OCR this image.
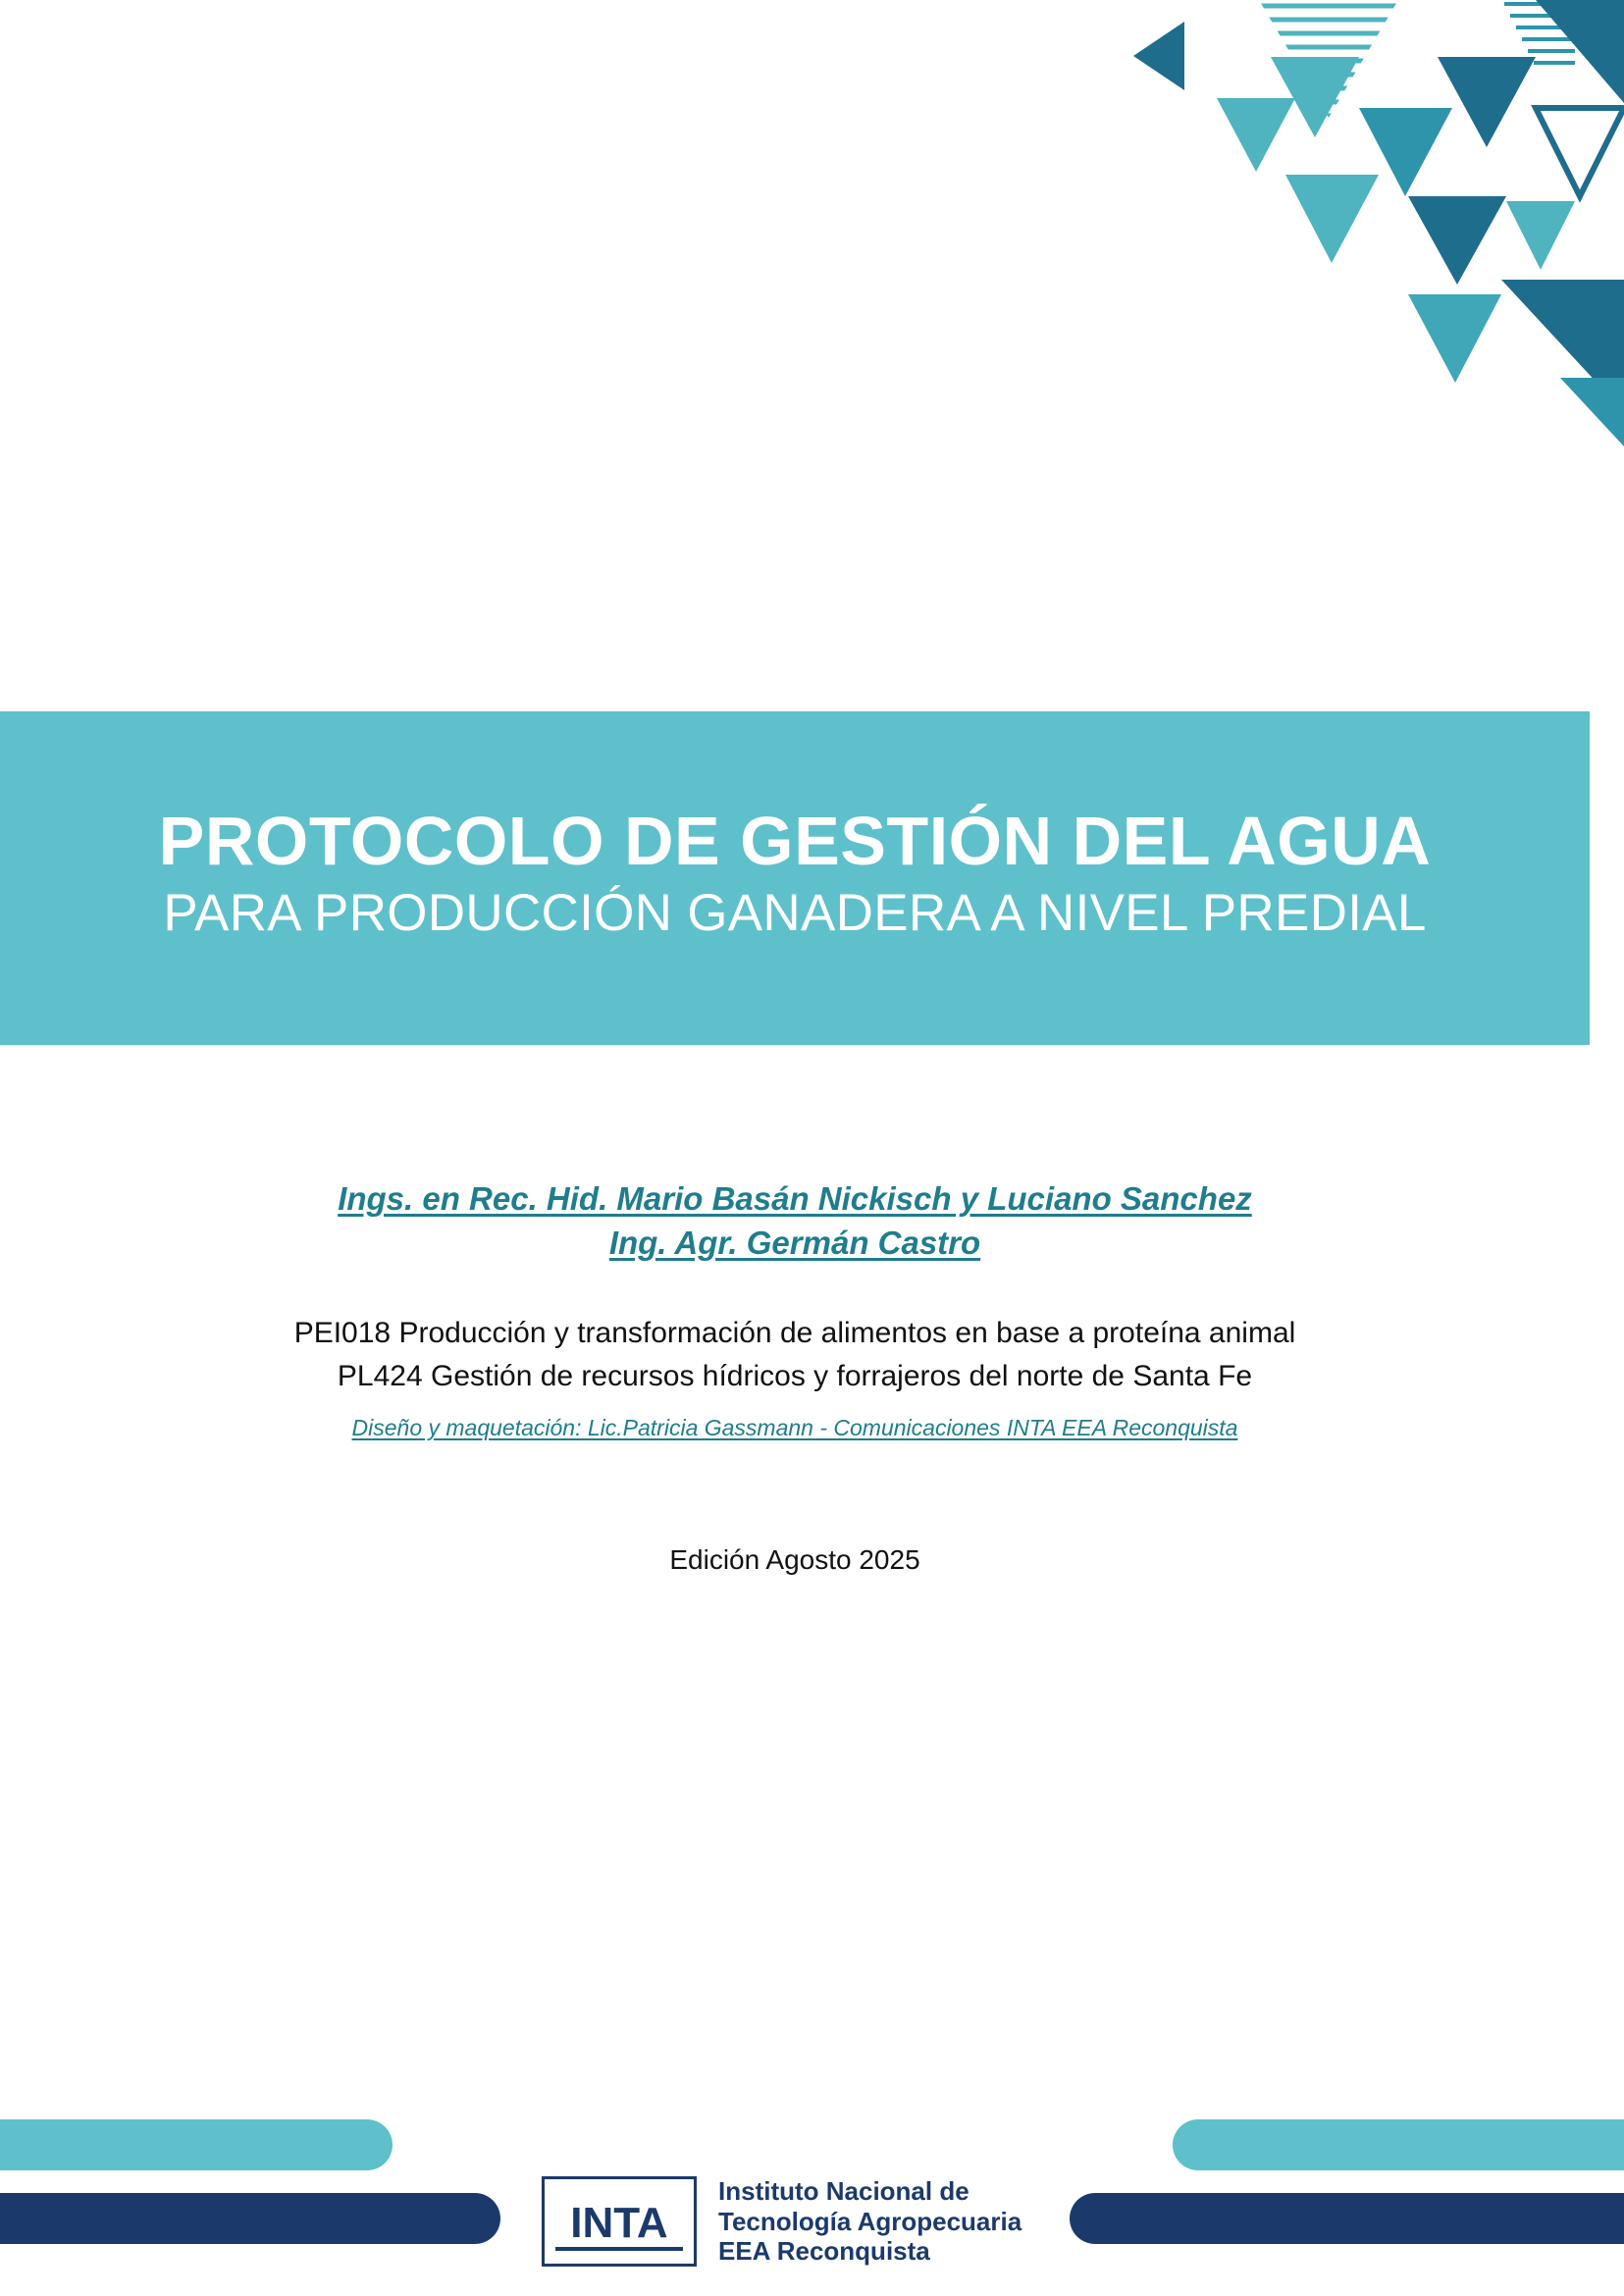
PROTOCOLO DE GESTIÓN DEL AGUA
PARA PRODUCCIÓN GANADERA A NIVEL PREDIAL
Ings. en Rec. Hid. Mario Basán Nickisch y Luciano Sanchez
Ing. Agr. Germán Castro
PEI018 Producción y transformación de alimentos en base a proteína animal
PL424 Gestión de recursos hídricos y forrajeros del norte de Santa Fe
Diseño y maquetación: Lic.Patricia Gassmann - Comunicaciones INTA EEA Reconquista
Edición Agosto 2025
INTA
Instituto Nacional de
Tecnología Agropecuaria
EEA Reconquista
